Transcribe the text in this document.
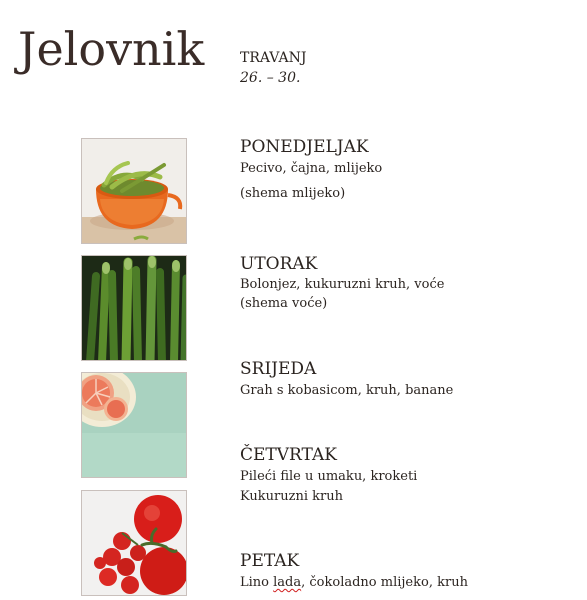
Jelovnik	TRAVANJ
26. – 30.
PONEDJELJAK
Pecivo, čajna, mlijeko
(shema mlijeko)
UTORAK
Bolonjez, kukuruzni kruh, voće
(shema voće)
SRIJEDA
Grah s kobasicom, kruh, banane
ČETVRTAK
Pileći file u umaku, kroketi
Kukuruzni kruh
PETAK
Lino lada, čokoladno mlijeko, kruh
